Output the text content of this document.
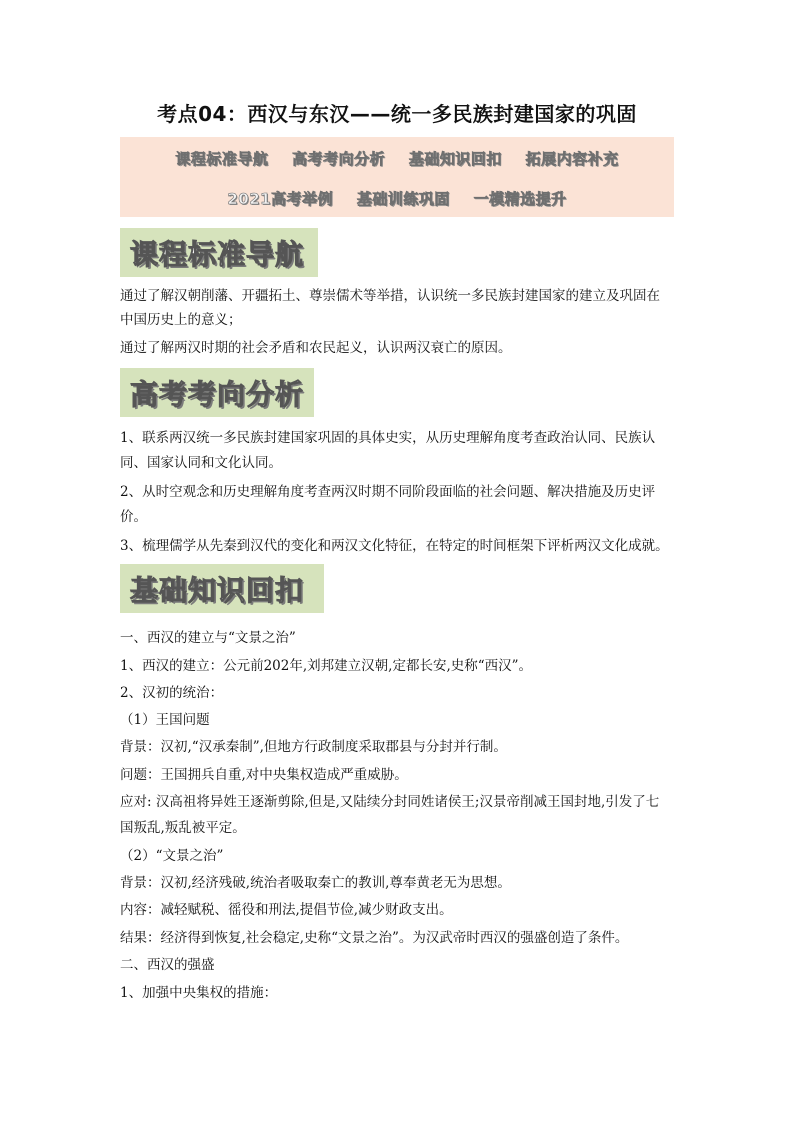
考点04：西汉与东汉——统一多民族封建国家的巩固
课程标准导航 高考考向分析 基础知识回扣 拓展内容补充
2021高考举例 基础训练巩固 一模精选提升
课程标准导航
通过了解汉朝削藩、开疆拓土、尊崇儒术等举措，认识统一多民族封建国家的建立及巩固在
中国历史上的意义；
通过了解两汉时期的社会矛盾和农民起义，认识两汉衰亡的原因。
高考考向分析
1、联系两汉统一多民族封建国家巩固的具体史实，从历史理解角度考查政治认同、民族认
同、国家认同和文化认同。
2、从时空观念和历史理解角度考查两汉时期不同阶段面临的社会问题、解决措施及历史评
价。
3、梳理儒学从先秦到汉代的变化和两汉文化特征，在特定的时间框架下评析两汉文化成就。
基础知识回扣
一、西汉的建立与“文景之治”
1、西汉的建立：公元前202年,刘邦建立汉朝,定都长安,史称“西汉”。
2、汉初的统治：
（1）王国问题
背景：汉初,“汉承秦制”,但地方行政制度采取郡县与分封并行制。
问题：王国拥兵自重,对中央集权造成严重威胁。
应对: 汉高祖将异姓王逐渐剪除,但是,又陆续分封同姓诸侯王;汉景帝削减王国封地,引发了七
国叛乱,叛乱被平定。
（2）“文景之治”
背景：汉初,经济残破,统治者吸取秦亡的教训,尊奉黄老无为思想。
内容：减轻赋税、徭役和刑法,提倡节俭,减少财政支出。
结果：经济得到恢复,社会稳定,史称“文景之治”。为汉武帝时西汉的强盛创造了条件。
二、西汉的强盛
1、加强中央集权的措施：
